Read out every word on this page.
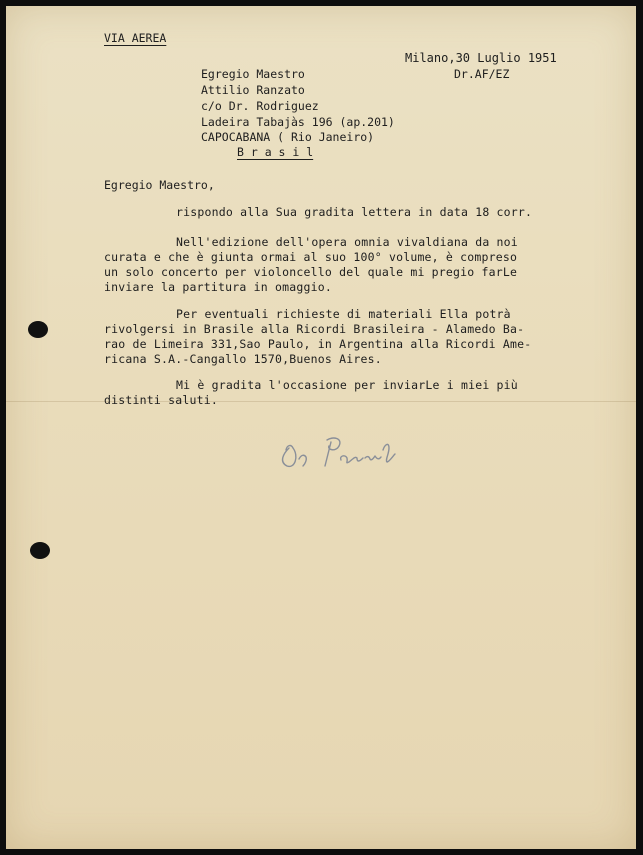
VIA AEREA
Milano,30 Luglio 1951
Dr.AF/EZ
Egregio Maestro
Attilio Ranzato
c/o Dr. Rodriguez
Ladeira Tabajàs 196 (ap.201)
CAPOCABANA ( Rio Janeiro)
B r a s i l
Egregio Maestro,
rispondo alla Sua gradita lettera in data 18 corr.
Nell'edizione dell'opera omnia vivaldiana da noi
curata e che è giunta ormai al suo 100° volume, è compreso
un solo concerto per violoncello del quale mi pregio farLe
inviare la partitura in omaggio.
Per eventuali richieste di materiali Ella potrà
rivolgersi in Brasile alla Ricordi Brasileira - Alamedo Ba-
rao de Limeira 331,Sao Paulo, in Argentina alla Ricordi Ame-
ricana S.A.-Cangallo 1570,Buenos Aires.
Mi è gradita l'occasione per inviarLe i miei più
distinti saluti.
